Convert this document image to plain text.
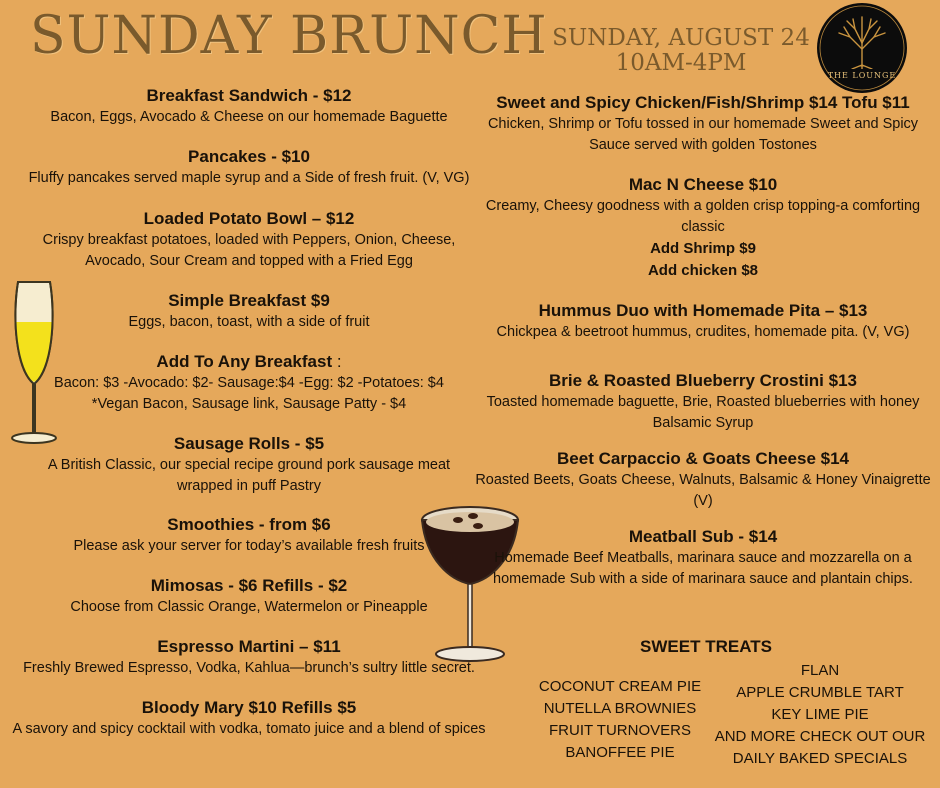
SUNDAY BRUNCH SUNDAY, AUGUST 24
10AM-4PM	THE LOUNGE
Breakfast Sandwich - $12

Bacon, Eggs, Avocado & Cheese on our homemade Baguette

Pancakes - $10

Fluffy pancakes served maple syrup and a Side of fresh fruit. (V, VG)

Loaded Potato Bowl – $12

Crispy breakfast potatoes, loaded with Peppers, Onion, Cheese, Avocado, Sour Cream and topped with a Fried Egg

Simple Breakfast $9

Eggs, bacon, toast, with a side of fruit

Add To Any Breakfast :

Bacon: $3 -Avocado: $2- Sausage:$4 -Egg: $2 -Potatoes: $4

*Vegan Bacon, Sausage link, Sausage Patty - $4

Sausage Rolls - $5

A British Classic, our special recipe ground pork sausage meat wrapped in puff Pastry

Smoothies - from $6

Please ask your server for today’s available fresh fruits

Mimosas - $6 Refills - $2

Choose from Classic Orange, Watermelon or Pineapple

Espresso Martini – $11

Freshly Brewed Espresso, Vodka, Kahlua—brunch’s sultry little secret.

Bloody Mary $10 Refills $5

A savory and spicy cocktail with vodka, tomato juice and a blend of spices

Sweet and Spicy Chicken/Fish/Shrimp $14 Tofu $11

Chicken, Shrimp or Tofu tossed in our homemade Sweet and Spicy Sauce served with golden Tostones

Mac N Cheese $10

Creamy, Cheesy goodness with a golden crisp topping-a comforting classic

Add Shrimp $9

Add chicken $8

Hummus Duo with Homemade Pita – $13

Chickpea & beetroot hummus, crudites, homemade pita. (V, VG)

Brie & Roasted Blueberry Crostini $13

Toasted homemade baguette, Brie, Roasted blueberries with honey Balsamic Syrup

Beet Carpaccio & Goats Cheese $14

Roasted Beets, Goats Cheese, Walnuts, Balsamic & Honey Vinaigrette (V)

Meatball Sub - $14

Homemade Beef Meatballs, marinara sauce and mozzarella on a homemade Sub with a side of marinara sauce and plantain chips.

SWEET TREATS
COCONUT CREAM PIE
NUTELLA BROWNIES
FRUIT TURNOVERS
BANOFFEE PIE
FLAN
APPLE CRUMBLE TART
KEY LIME PIE
AND MORE CHECK OUT OUR DAILY BAKED SPECIALS
